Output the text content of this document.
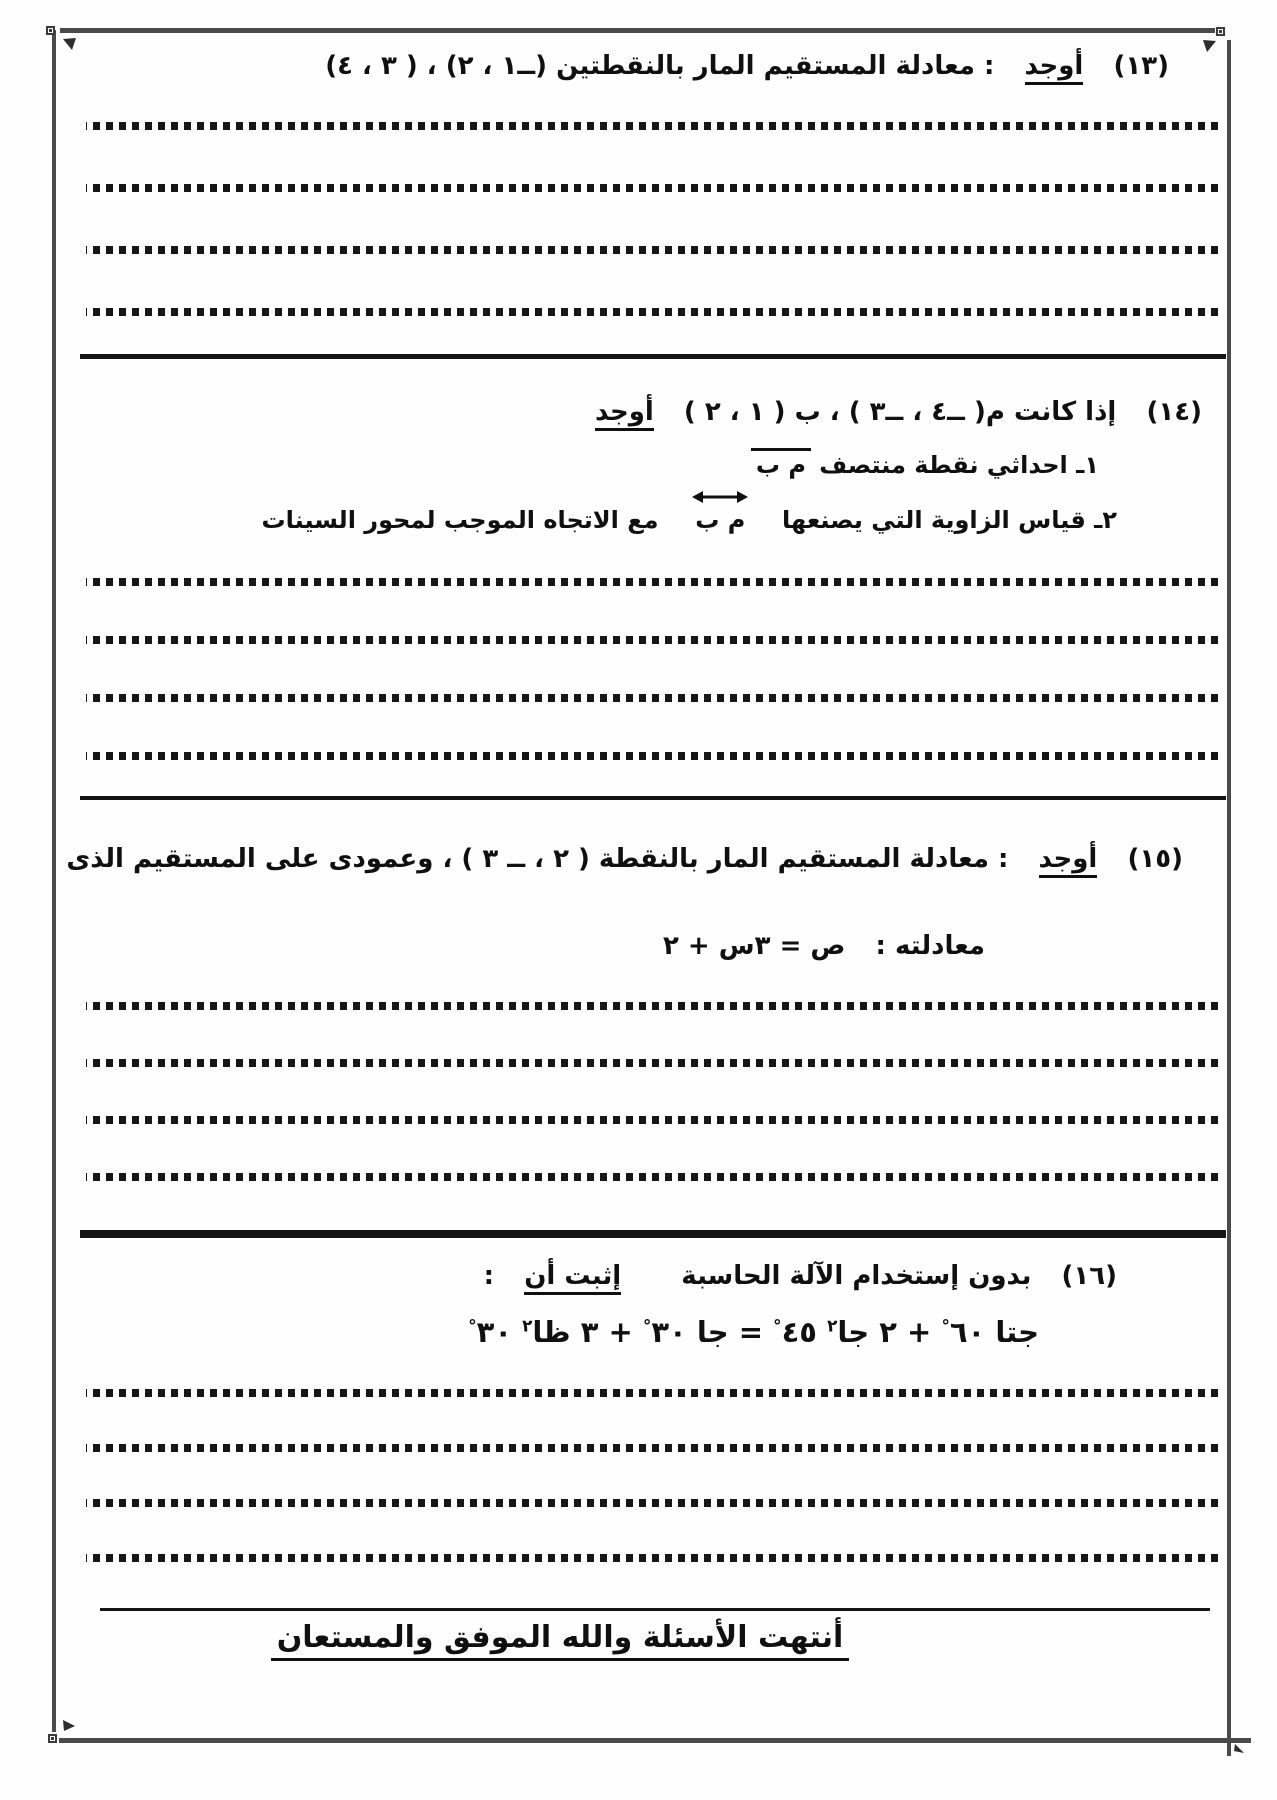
(١٣)  أوجد  : معادلة المستقيم المار بالنقطتين (ــ١ ، ٢) ، ( ٣ ، ٤)
(١٤)  إذا كانت م( ــ٤ ، ــ٣ ) ، ب ( ١ ، ٢ )  أوجد
١ـ احداثي نقطة منتصف م ب
٢ـ قياس الزاوية التي يصنعها
م ب  مع الاتجاه الموجب لمحور السينات
(١٥)  أوجد  : معادلة المستقيم المار بالنقطة ( ٢ ، ــ ٣ ) ، وعمودى على المستقيم الذى
معادلته :  ص = ٣س + ٢
(١٦)  بدون إستخدام الآلة الحاسبة  إثبت أن  :
جتا ٦٠° + ٢ جا$^٢$ ٤٥° = جا ٣٠° + ٣ ظا$^٢$ ٣٠°
أنتهت الأسئلة والله الموفق والمستعان
